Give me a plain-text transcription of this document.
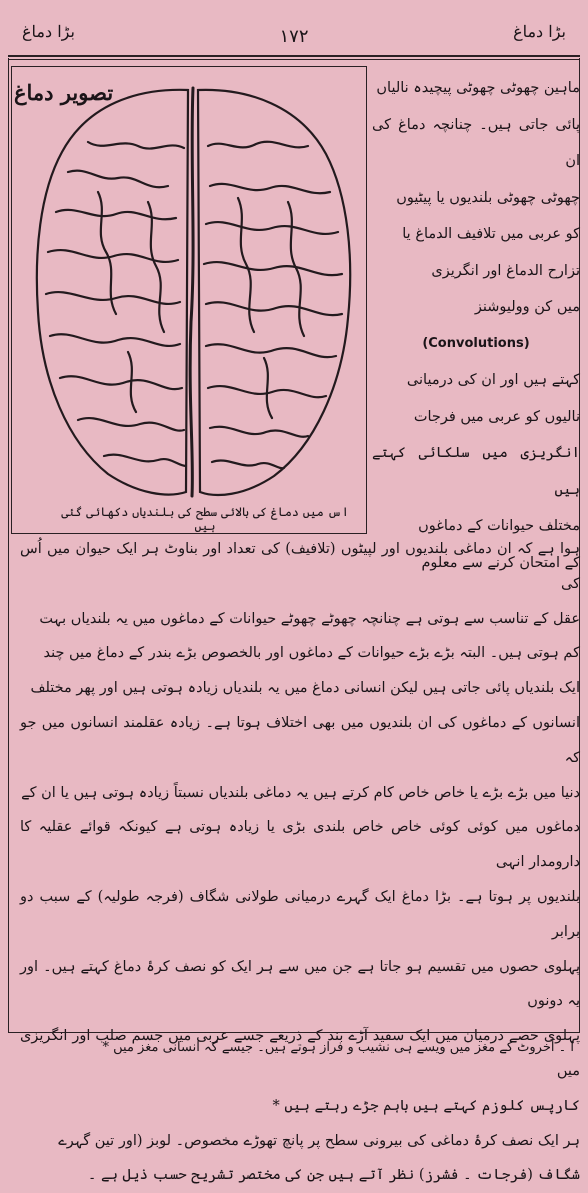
بڑا دماغ
۱۷۲
بڑا دماغ
تصویر دماغ
اس میں دماغ کی بالائی سطح کی بلندیاں دکھائی گئی ہیں
ماہین چھوٹی چھوٹی پیچیدہ نالیاں
پائی جاتی ہیں۔ چنانچہ دماغ کی ان
چھوٹی چھوٹی بلندیوں یا پیٹیوں
کو عربی میں تلافیف الدماغ یا
تزارح الدماغ اور انگریزی
میں کن وولیوشنز
(Convolutions)
کہتے ہیں اور ان کی درمیانی
نالیوں کو عربی میں فرجات
انگریزی میں سلکائی کہتے ہیں
مختلف حیوانات کے دماغوں
کے امتحان کرنے سے معلوم
ہوا ہے کہ ان دماغی بلندیوں اور لپیٹوں (تلافیف) کی تعداد اور بناوٹ ہر ایک حیوان میں اُس کی
عقل کے تناسب سے ہوتی ہے چنانچہ چھوٹے چھوٹے حیوانات کے دماغوں میں یہ بلندیاں بہت
کم ہوتی ہیں۔ البتہ بڑے بڑے حیوانات کے دماغوں اور بالخصوص بڑے بندر کے دماغ میں چند
ایک بلندیاں پائی جاتی ہیں لیکن انسانی دماغ میں یہ بلندیاں زیادہ ہوتی ہیں اور پھر مختلف
انسانوں کے دماغوں کی ان بلندیوں میں بھی اختلاف ہوتا ہے۔ زیادہ عقلمند انسانوں میں جو کہ
دنیا میں بڑے بڑے یا خاص خاص کام کرتے ہیں یہ دماغی بلندیاں نسبتاً زیادہ ہوتی ہیں یا ان کے
دماغوں میں کوئی کوئی خاص خاص بلندی بڑی یا زیادہ ہوتی ہے کیونکہ قوائے عقلیہ کا دارومدار انہی
بلندیوں پر ہوتا ہے۔ بڑا دماغ ایک گہرے درمیانی طولانی شگاف (فرجہ طولیہ) کے سبب دو برابر
پہلوی حصوں میں تقسیم ہو جاتا ہے جن میں سے ہر ایک کو نصف کرۂ دماغ کہتے ہیں۔ اور یہ دونوں
پہلوی حصے درمیان میں ایک سفید آڑے بند کے ذریعے جسے عربی میں جسم صلب اور انگریزی میں
کارپس کلوزم کہتے ہیں باہم جڑے رہتے ہیں *
ہر ایک نصف کرۂ دماغی کی بیرونی سطح پر پانچ تھوڑے مخصوص۔ لوبز (اور تین گہرے
شگاف (فرجات ۔ فشرز) نظر آتے ہیں جن کی مختصر تشریح حسب ذیل ہے ۔
ا ۔ آخروٹ کے مغز میں ویسے ہی نشیب و فراز ہوتے ہیں۔ جیسے کہ انسانی مغز میں *
